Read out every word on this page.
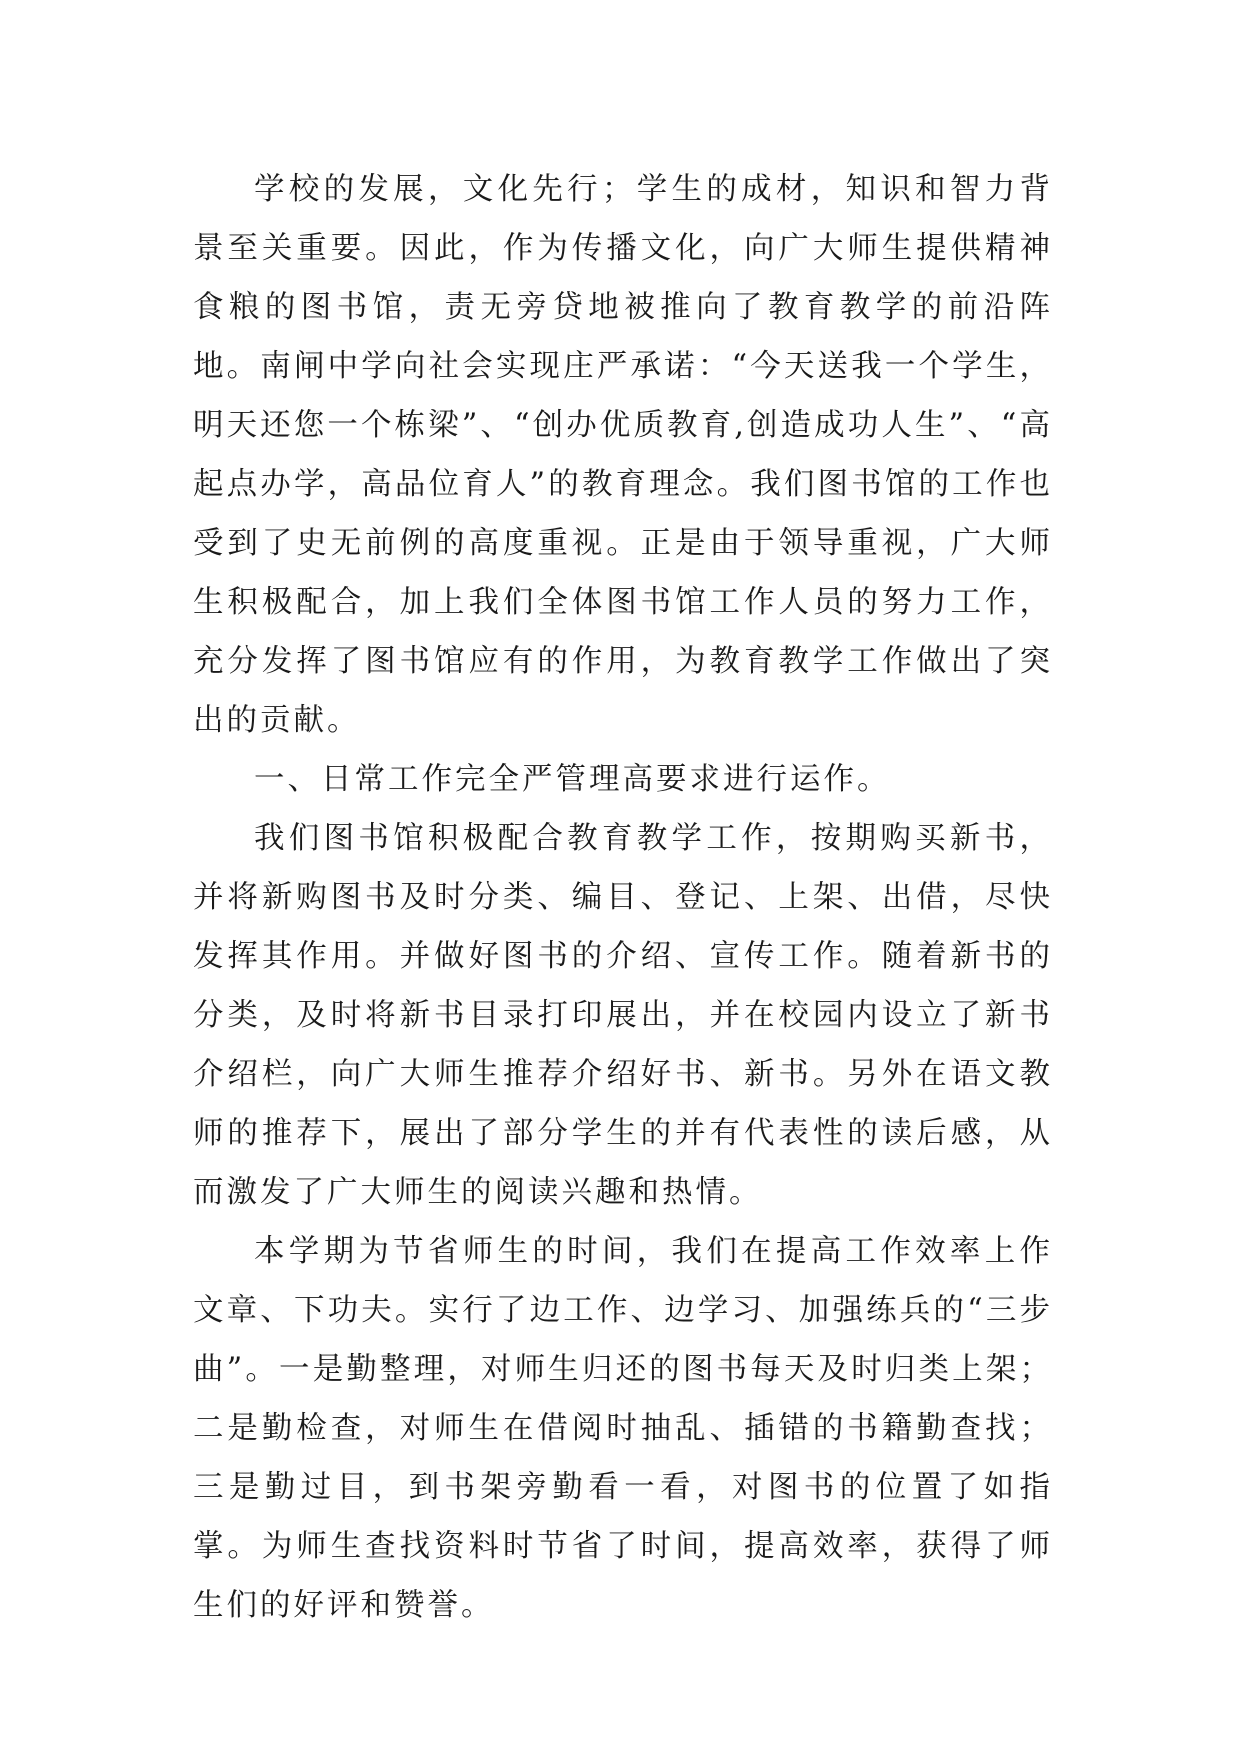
学校的发展，文化先行；学生的成材，知识和智力背景至关重要。因此，作为传播文化，向广大师生提供精神食粮的图书馆，责无旁贷地被推向了教育教学的前沿阵地。南闸中学向社会实现庄严承诺：“今天送我一个学生，明天还您一个栋梁”、“创办优质教育,创造成功人生”、“高起点办学，高品位育人”的教育理念。我们图书馆的工作也受到了史无前例的高度重视。正是由于领导重视，广大师生积极配合，加上我们全体图书馆工作人员的努力工作，充分发挥了图书馆应有的作用，为教育教学工作做出了突出的贡献。

一、日常工作完全严管理高要求进行运作。

我们图书馆积极配合教育教学工作，按期购买新书，并将新购图书及时分类、编目、登记、上架、出借，尽快发挥其作用。并做好图书的介绍、宣传工作。随着新书的分类，及时将新书目录打印展出，并在校园内设立了新书介绍栏，向广大师生推荐介绍好书、新书。另外在语文教师的推荐下，展出了部分学生的并有代表性的读后感，从而激发了广大师生的阅读兴趣和热情。

本学期为节省师生的时间，我们在提高工作效率上作文章、下功夫。实行了边工作、边学习、加强练兵的“三步曲”。一是勤整理，对师生归还的图书每天及时归类上架；二是勤检查，对师生在借阅时抽乱、插错的书籍勤查找；三是勤过目，到书架旁勤看一看，对图书的位置了如指掌。为师生查找资料时节省了时间，提高效率，获得了师生们的好评和赞誉。
